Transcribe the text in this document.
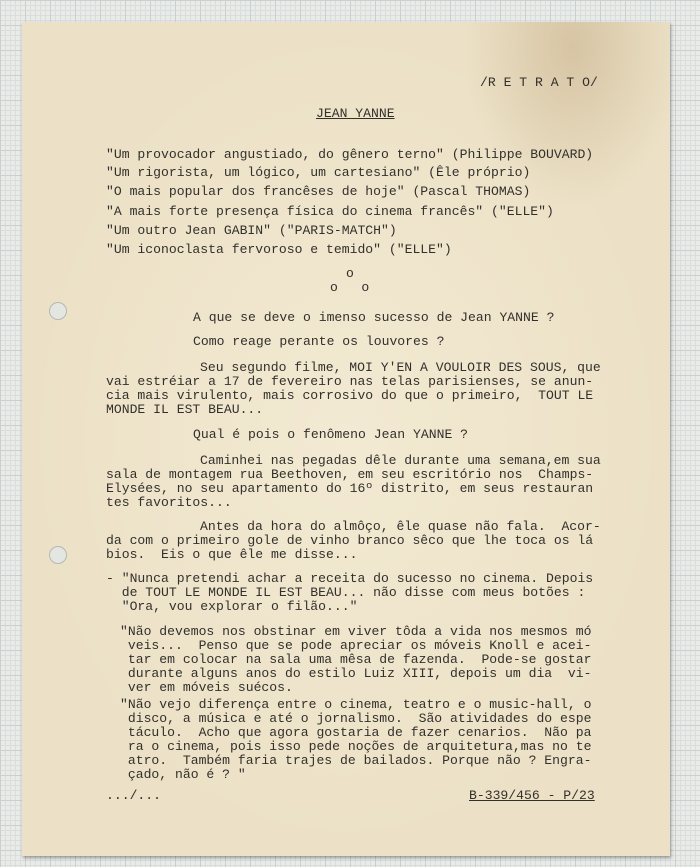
/R E T R A T O/
JEAN YANNE
"Um provocador angustiado, do gênero terno" (Philippe BOUVARD)
"Um rigorista, um lógico, um cartesiano" (Êle próprio)
"O mais popular dos francêses de hoje" (Pascal THOMAS)
"A mais forte presença física do cinema francês" ("ELLE")
"Um outro Jean GABIN" ("PARIS-MATCH")
"Um iconoclasta fervoroso e temido" ("ELLE")
o
o   o
A que se deve o imenso sucesso de Jean YANNE ?
Como reage perante os louvores ?
Seu segundo filme, MOI Y'EN A VOULOIR DES SOUS, que
vai estréiar a 17 de fevereiro nas telas parisienses, se anun-
cia mais virulento, mais corrosivo do que o primeiro,  TOUT LE
MONDE IL EST BEAU...
Qual é pois o fenômeno Jean YANNE ?
Caminhei nas pegadas dêle durante uma semana,em sua
sala de montagem rua Beethoven, em seu escritório nos  Champs-
Elysées, no seu apartamento do 16º distrito, em seus restauran
tes favoritos...
Antes da hora do almôço, êle quase não fala.  Acor-
da com o primeiro gole de vinho branco sêco que lhe toca os lá
bios.  Eis o que êle me disse...
- "Nunca pretendi achar a receita do sucesso no cinema. Depois
de TOUT LE MONDE IL EST BEAU... não disse com meus botões :
"Ora, vou explorar o filão..."
"Não devemos nos obstinar em viver tôda a vida nos mesmos mó
veis...  Penso que se pode apreciar os móveis Knoll e acei-
tar em colocar na sala uma mêsa de fazenda.  Pode-se gostar
durante alguns anos do estilo Luiz XIII, depois um dia  vi-
ver em móveis suécos.
"Não vejo diferença entre o cinema, teatro e o music-hall, o
disco, a música e até o jornalismo.  São atividades do espe
táculo.  Acho que agora gostaria de fazer cenarios.  Não pa
ra o cinema, pois isso pede noções de arquitetura,mas no te
atro.  Também faria trajes de bailados. Porque não ? Engra-
çado, não é ? "
.../...	B-339/456 - P/23
